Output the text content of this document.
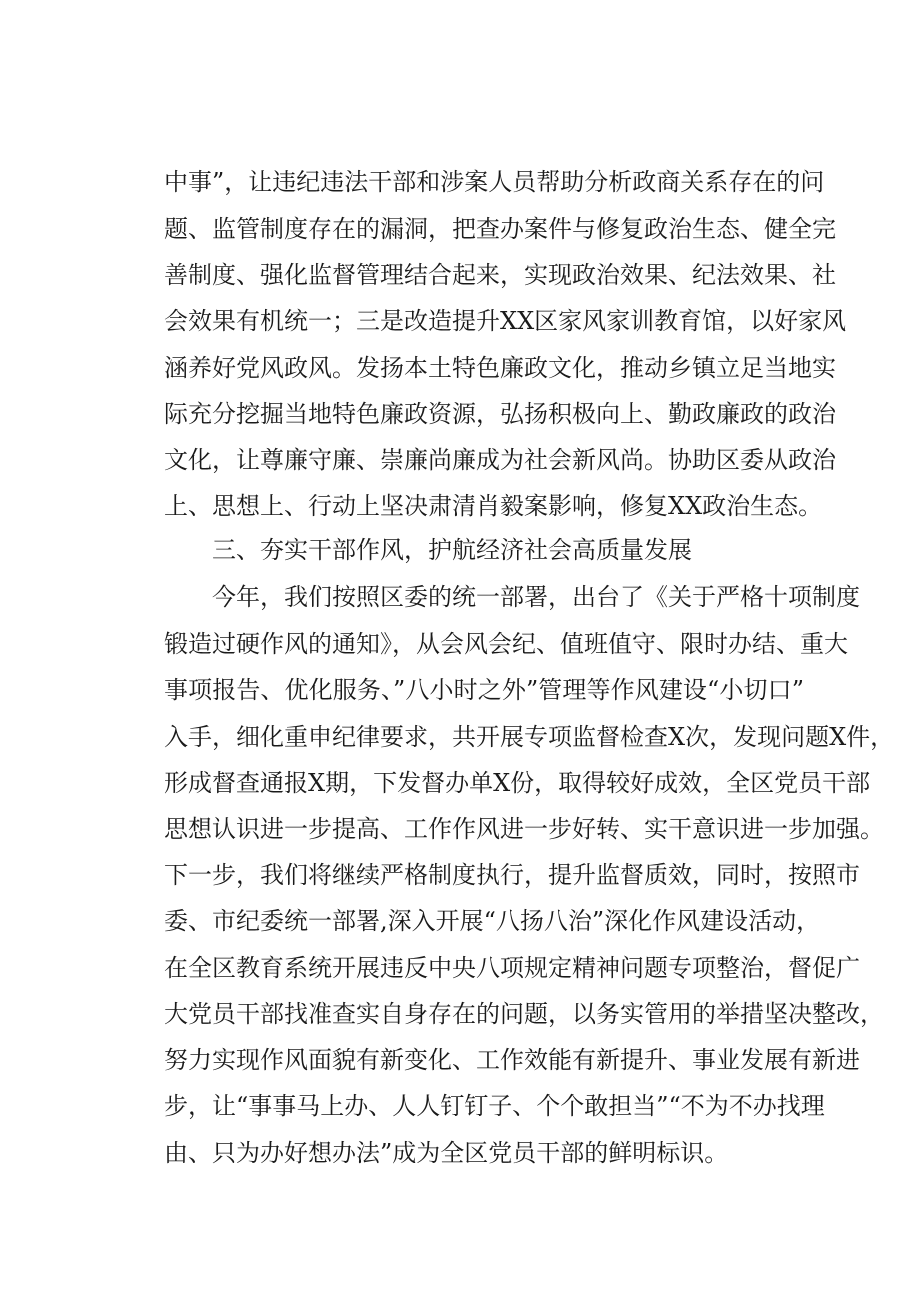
中事”，让违纪违法干部和涉案人员帮助分析政商关系存在的问
题、监管制度存在的漏洞，把查办案件与修复政治生态、健全完
善制度、强化监督管理结合起来，实现政治效果、纪法效果、社
会效果有机统一；三是改造提升XX区家风家训教育馆，以好家风
涵养好党风政风。发扬本土特色廉政文化，推动乡镇立足当地实
际充分挖掘当地特色廉政资源，弘扬积极向上、勤政廉政的政治
文化，让尊廉守廉、崇廉尚廉成为社会新风尚。协助区委从政治
上、思想上、行动上坚决肃清肖毅案影响，修复XX政治生态。
三、夯实干部作风，护航经济社会高质量发展
今年，我们按照区委的统一部署，出台了《关于严格十项制度
锻造过硬作风的通知》，从会风会纪、值班值守、限时办结、重大
事项报告、优化服务、”八小时之外”管理等作风建设“小切口”
入手，细化重申纪律要求，共开展专项监督检查X次，发现问题X件，
形成督查通报X期，下发督办单X份，取得较好成效，全区党员干部
思想认识进一步提高、工作作风进一步好转、实干意识进一步加强。
下一步，我们将继续严格制度执行，提升监督质效，同时，按照市
委、市纪委统一部署,深入开展“八扬八治”深化作风建设活动，
在全区教育系统开展违反中央八项规定精神问题专项整治，督促广
大党员干部找准查实自身存在的问题，以务实管用的举措坚决整改，
努力实现作风面貌有新变化、工作效能有新提升、事业发展有新进
步，让“事事马上办、人人钉钉子、个个敢担当”“不为不办找理
由、只为办好想办法”成为全区党员干部的鲜明标识。
